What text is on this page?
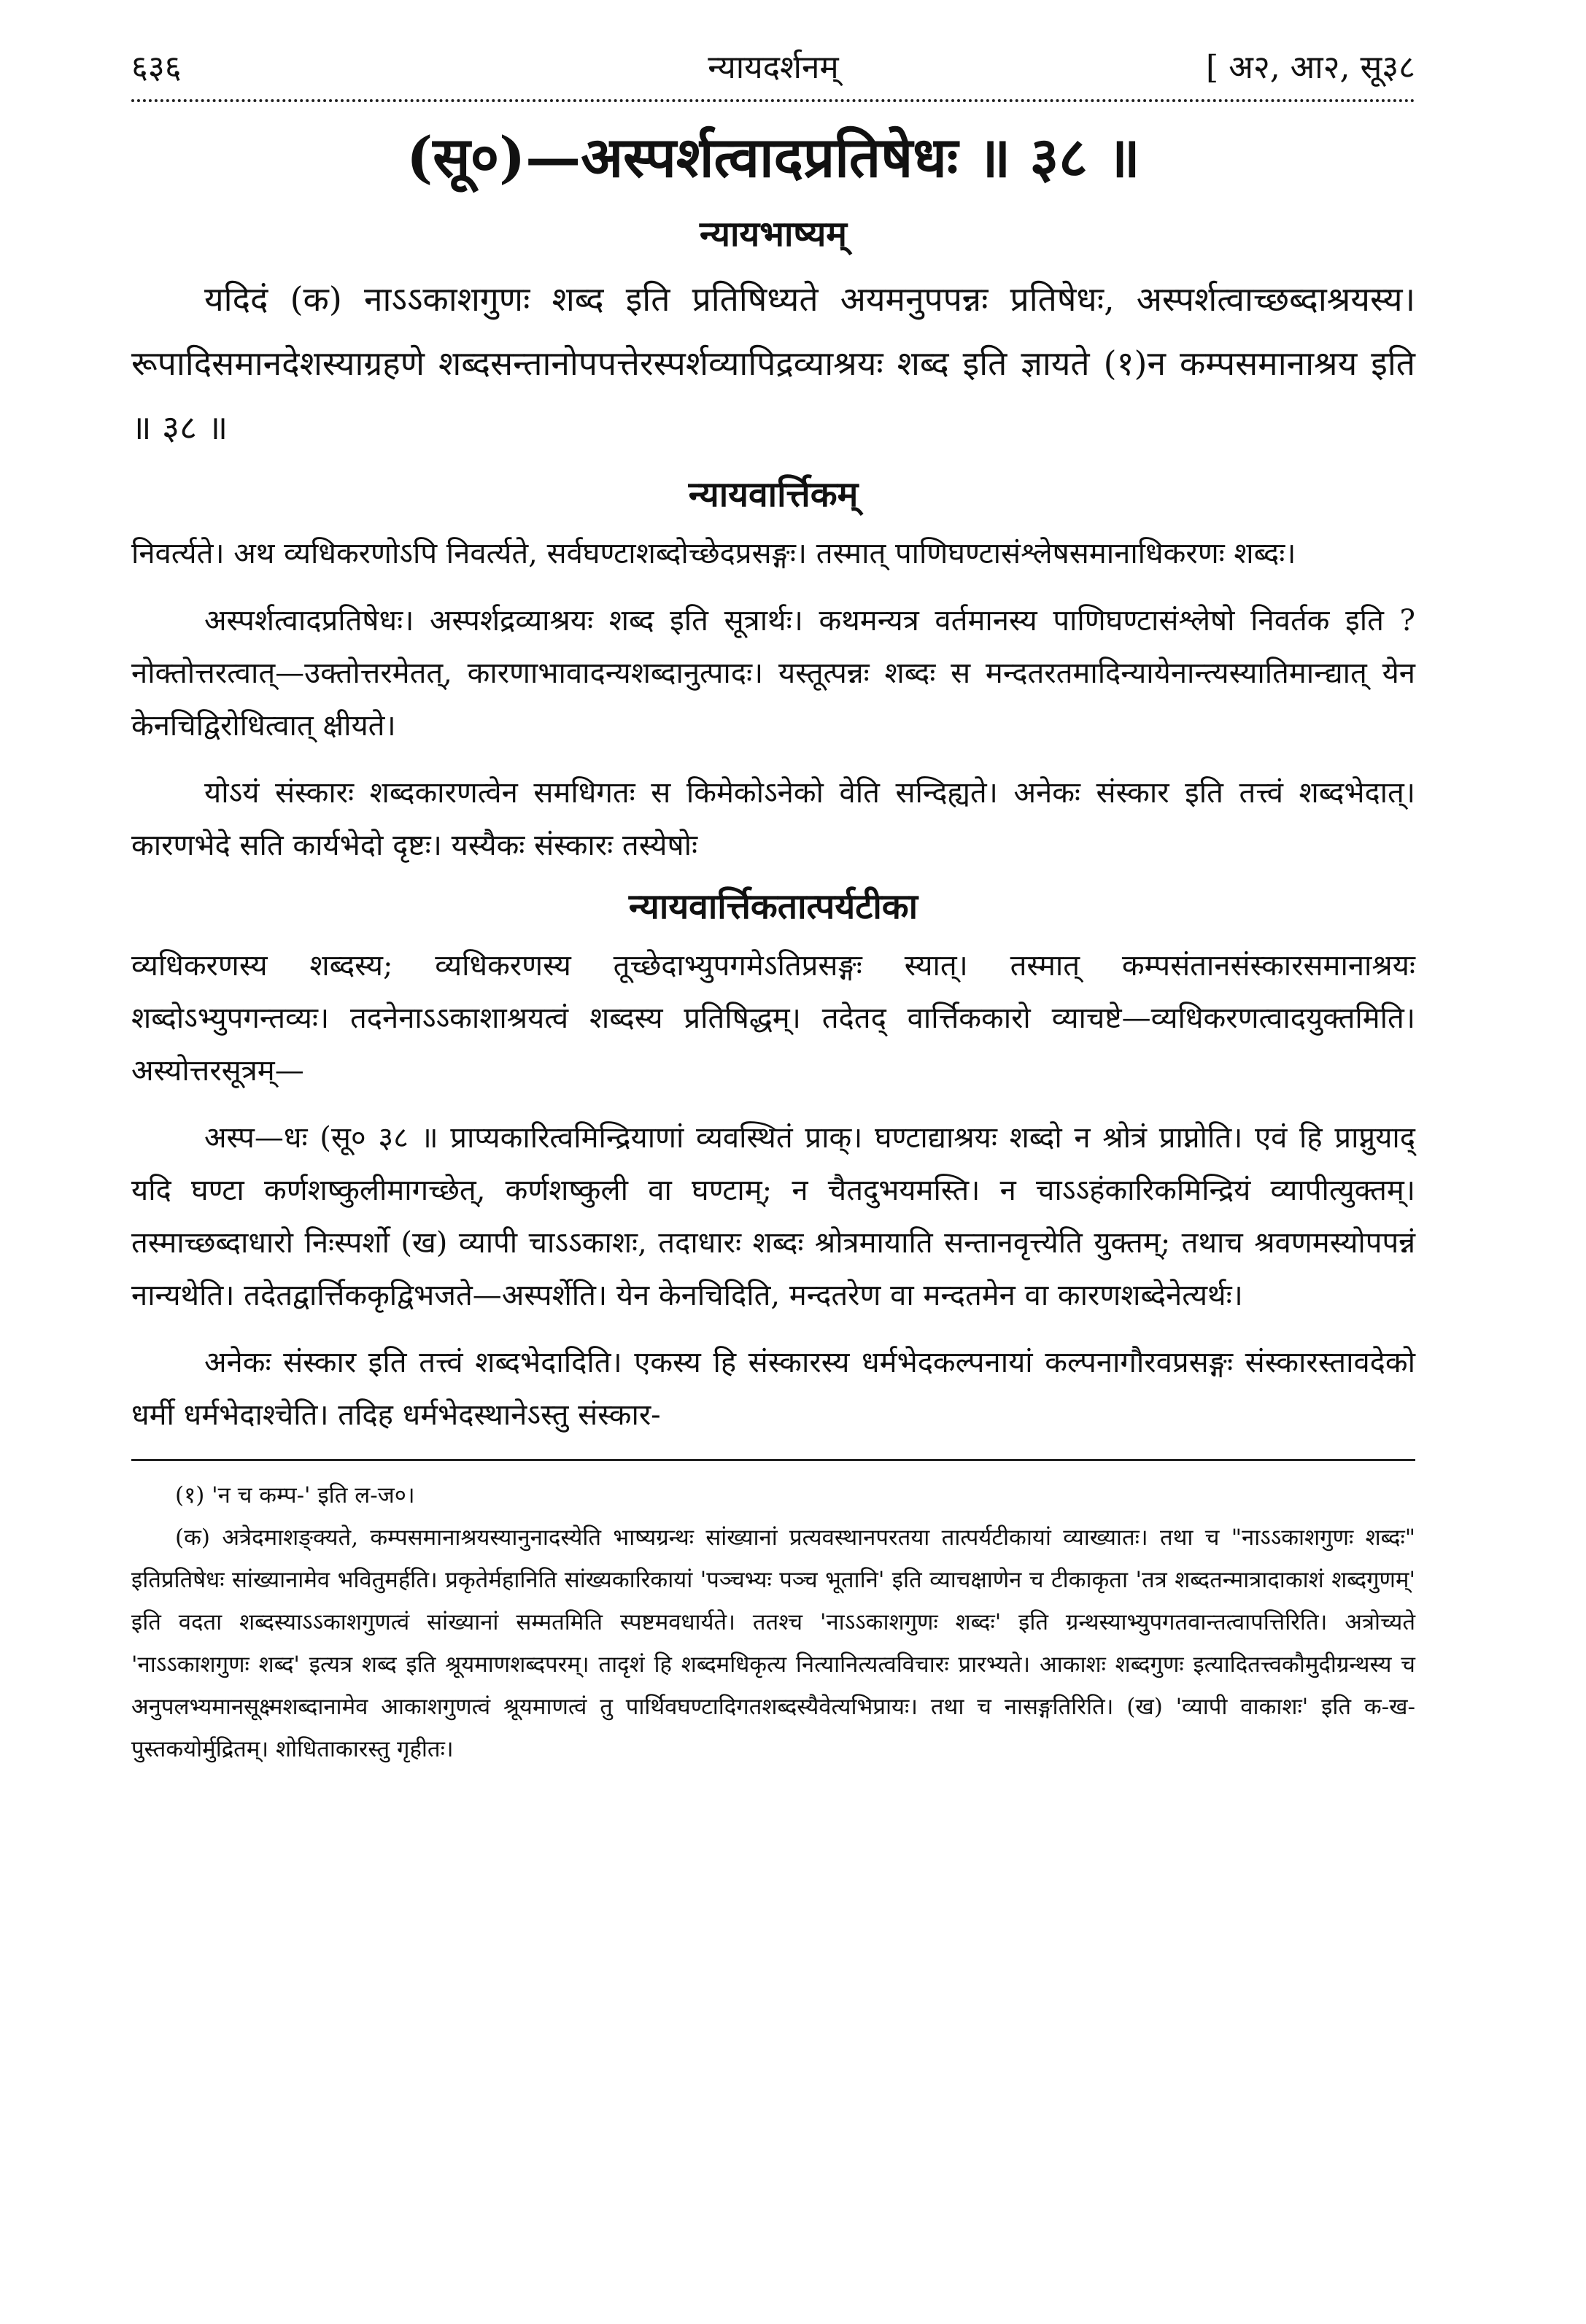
६३६	न्यायदर्शनम्	[ अ२, आ२, सू३८
(सू०)—अस्पर्शत्वादप्रतिषेधः ॥ ३८ ॥
न्यायभाष्यम्

यदिदं (क) नाऽऽकाशगुणः शब्द इति प्रतिषिध्यते अयमनुपपन्नः प्रतिषेधः, अस्पर्शत्वाच्छब्दाश्रयस्य। रूपादिसमानदेशस्याग्रहणे शब्दसन्तानोपपत्तेरस्पर्शव्यापिद्रव्याश्रयः शब्द इति ज्ञायते (१)न कम्पसमानाश्रय इति ॥ ३८ ॥

न्यायवार्त्तिकम्

निवर्त्यते। अथ व्यधिकरणोऽपि निवर्त्यते, सर्वघण्टाशब्दोच्छेदप्रसङ्गः। तस्मात् पाणिघण्टासंश्लेषसमानाधिकरणः शब्दः।

अस्पर्शत्वादप्रतिषेधः। अस्पर्शद्रव्याश्रयः शब्द इति सूत्रार्थः। कथमन्यत्र वर्तमानस्य पाणिघण्टासंश्लेषो निवर्तक इति ? नोक्तोत्तरत्वात्—उक्तोत्तरमेतत्, कारणाभावादन्यशब्दानुत्पादः। यस्तूत्पन्नः शब्दः स मन्दतरतमादिन्यायेनान्त्यस्यातिमान्द्यात् येन केनचिद्विरोधित्वात् क्षीयते।

योऽयं संस्कारः शब्दकारणत्वेन समधिगतः स किमेकोऽनेको वेति सन्दिह्यते। अनेकः संस्कार इति तत्त्वं शब्दभेदात्। कारणभेदे सति कार्यभेदो दृष्टः। यस्यैकः संस्कारः तस्येषोः

न्यायवार्त्तिकतात्पर्यटीका

व्यधिकरणस्य शब्दस्य; व्यधिकरणस्य तूच्छेदाभ्युपगमेऽतिप्रसङ्गः स्यात्। तस्मात् कम्पसंतानसंस्कारसमानाश्रयः शब्दोऽभ्युपगन्तव्यः। तदनेनाऽऽकाशाश्रयत्वं शब्दस्य प्रतिषिद्धम्। तदेतद् वार्त्तिककारो व्याचष्टे—व्यधिकरणत्वादयुक्तमिति। अस्योत्तरसूत्रम्—

अस्प—धः (सू० ३८ ॥ प्राप्यकारित्वमिन्द्रियाणां व्यवस्थितं प्राक्। घण्टाद्याश्रयः शब्दो न श्रोत्रं प्राप्नोति। एवं हि प्राप्नुयाद् यदि घण्टा कर्णशष्कुलीमागच्छेत्, कर्णशष्कुली वा घण्टाम्; न चैतदुभयमस्ति। न चाऽऽहंकारिकमिन्द्रियं व्यापीत्युक्तम्। तस्माच्छब्दाधारो निःस्पर्शो (ख) व्यापी चाऽऽकाशः, तदाधारः शब्दः श्रोत्रमायाति सन्तानवृत्त्येति युक्तम्; तथाच श्रवणमस्योपपन्नं नान्यथेति। तदेतद्वार्त्तिककृद्विभजते—अस्पर्शेति। येन केनचिदिति, मन्दतरेण वा मन्दतमेन वा कारणशब्देनेत्यर्थः।

अनेकः संस्कार इति तत्त्वं शब्दभेदादिति। एकस्य हि संस्कारस्य धर्मभेदकल्पनायां कल्पनागौरवप्रसङ्गः संस्कारस्तावदेको धर्मी धर्मभेदाश्चेति। तदिह धर्मभेदस्थानेऽस्तु संस्कार-

(१) 'न च कम्प-' इति ल-ज०।

(क) अत्रेदमाशङ्क्यते, कम्पसमानाश्रयस्यानुनादस्येति भाष्यग्रन्थः सांख्यानां प्रत्यवस्थानपरतया तात्पर्यटीकायां व्याख्यातः। तथा च "नाऽऽकाशगुणः शब्दः" इतिप्रतिषेधः सांख्यानामेव भवितुमर्हति। प्रकृतेर्महानिति सांख्यकारिकायां 'पञ्चभ्यः पञ्च भूतानि' इति व्याचक्षाणेन च टीकाकृता 'तत्र शब्दतन्मात्रादाकाशं शब्दगुणम्' इति वदता शब्दस्याऽऽकाशगुणत्वं सांख्यानां सम्मतमिति स्पष्टमवधार्यते। ततश्च 'नाऽऽकाशगुणः शब्दः' इति ग्रन्थस्याभ्युपगतवान्तत्वापत्तिरिति। अत्रोच्यते 'नाऽऽकाशगुणः शब्द' इत्यत्र शब्द इति श्रूयमाणशब्दपरम्। तादृशं हि शब्दमधिकृत्य नित्यानित्यत्वविचारः प्रारभ्यते। आकाशः शब्दगुणः इत्यादितत्त्वकौमुदीग्रन्थस्य च अनुपलभ्यमानसूक्ष्मशब्दानामेव आकाशगुणत्वं श्रूयमाणत्वं तु पार्थिवघण्टादिगतशब्दस्यैवेत्यभिप्रायः। तथा च नासङ्गतिरिति। (ख) 'व्यापी वाकाशः' इति क-ख-पुस्तकयोर्मुद्रितम्। शोधिताकारस्तु गृहीतः।
